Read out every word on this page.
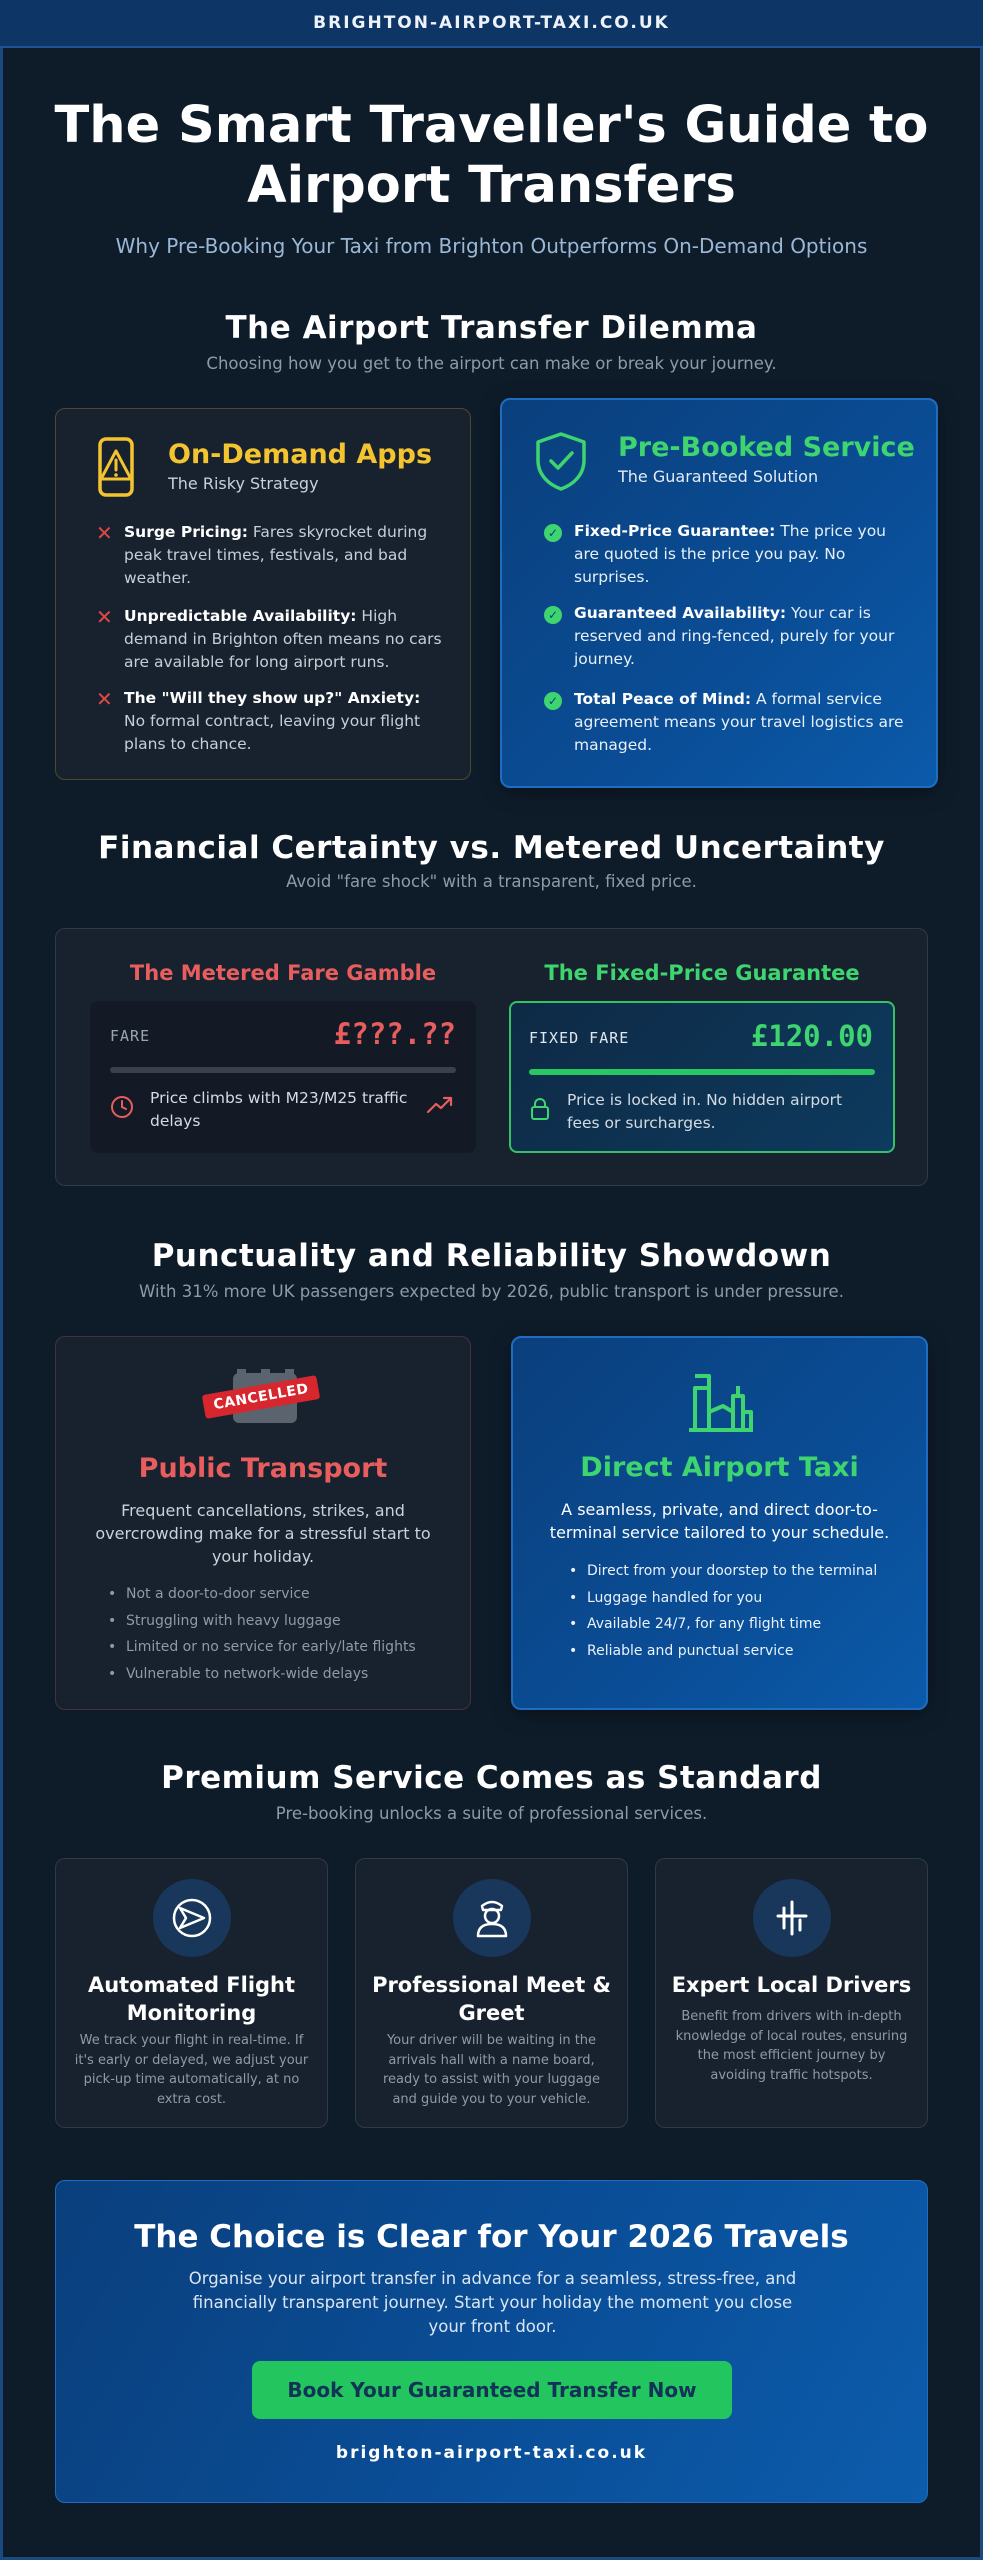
BRIGHTON-AIRPORT-TAXI.CO.UK
The Smart Traveller's Guide to
Airport Transfers
Why Pre-Booking Your Taxi from Brighton Outperforms On-Demand Options
The Airport Transfer Dilemma
Choosing how you get to the airport can make or break your journey.
On-Demand Apps
The Risky Strategy
✕ Surge Pricing: Fares skyrocket during peak travel times, festivals, and bad weather.
✕ Unpredictable Availability: High demand in Brighton often means no cars are available for long airport runs.
✕ The "Will they show up?" Anxiety: No formal contract, leaving your flight plans to chance.
Pre-Booked Service
The Guaranteed Solution
✓ Fixed-Price Guarantee: The price you are quoted is the price you pay. No surprises.
✓ Guaranteed Availability: Your car is reserved and ring-fenced, purely for your journey.
✓ Total Peace of Mind: A formal service agreement means your travel logistics are managed.
Financial Certainty vs. Metered Uncertainty
Avoid "fare shock" with a transparent, fixed price.
The Metered Fare Gamble	The Fixed-Price Guarantee
FARE	£???.??
Price climbs with M23/M25 traffic delays
FIXED FARE	£120.00
Price is locked in. No hidden airport fees or surcharges.
Punctuality and Reliability Showdown
With 31% more UK passengers expected by 2026, public transport is under pressure.
CANCELLED
Public Transport
Frequent cancellations, strikes, and overcrowding make for a stressful start to your holiday.
• Not a door-to-door service
• Struggling with heavy luggage
• Limited or no service for early/late flights
• Vulnerable to network-wide delays
Direct Airport Taxi
A seamless, private, and direct door-to-terminal service tailored to your schedule.
• Direct from your doorstep to the terminal
• Luggage handled for you
• Available 24/7, for any flight time
• Reliable and punctual service
Premium Service Comes as Standard
Pre-booking unlocks a suite of professional services.
Automated Flight Monitoring
We track your flight in real-time. If it's early or delayed, we adjust your pick-up time automatically, at no extra cost.
Professional Meet & Greet
Your driver will be waiting in the arrivals hall with a name board, ready to assist with your luggage and guide you to your vehicle.
Expert Local Drivers
Benefit from drivers with in-depth knowledge of local routes, ensuring the most efficient journey by avoiding traffic hotspots.
The Choice is Clear for Your 2026 Travels
Organise your airport transfer in advance for a seamless, stress-free, and financially transparent journey. Start your holiday the moment you close your front door.
Book Your Guaranteed Transfer Now
brighton-airport-taxi.co.uk
